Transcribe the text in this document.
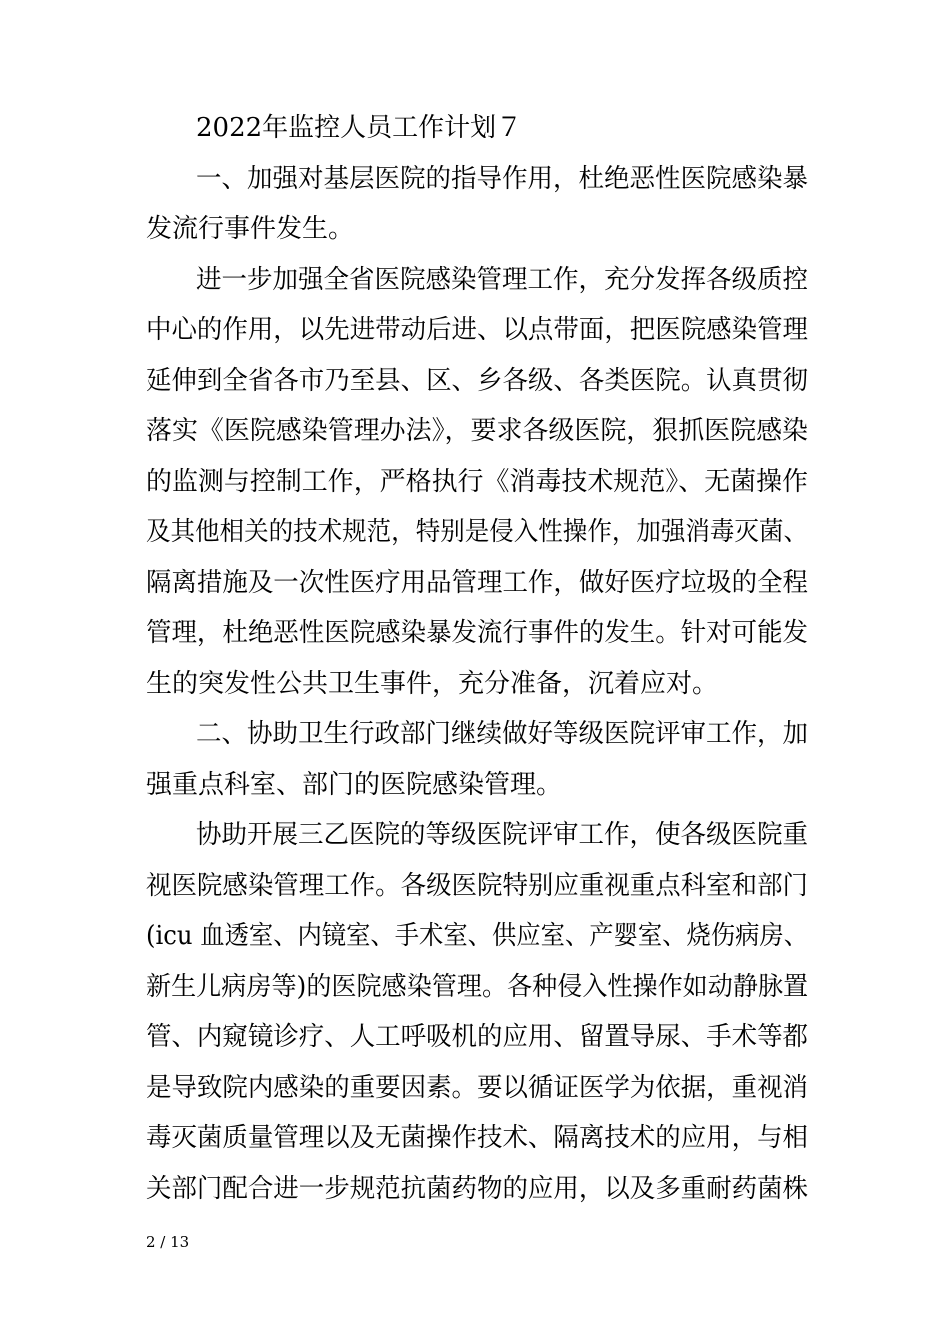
2022年监控人员工作计划７
一、加强对基层医院的指导作用，杜绝恶性医院感染暴
发流行事件发生。
进一步加强全省医院感染管理工作，充分发挥各级质控
中心的作用，以先进带动后进、以点带面，把医院感染管理
延伸到全省各市乃至县、区、乡各级、各类医院。认真贯彻
落实《医院感染管理办法》，要求各级医院，狠抓医院感染
的监测与控制工作，严格执行《消毒技术规范》、无菌操作
及其他相关的技术规范，特别是侵入性操作，加强消毒灭菌、
隔离措施及一次性医疗用品管理工作，做好医疗垃圾的全程
管理，杜绝恶性医院感染暴发流行事件的发生。针对可能发
生的突发性公共卫生事件，充分准备，沉着应对。
二、协助卫生行政部门继续做好等级医院评审工作，加
强重点科室、部门的医院感染管理。
协助开展三乙医院的等级医院评审工作，使各级医院重
视医院感染管理工作。各级医院特别应重视重点科室和部门
(icu 血透室、内镜室、手术室、供应室、产婴室、烧伤病房、
新生儿病房等)的医院感染管理。各种侵入性操作如动静脉置
管、内窥镜诊疗、人工呼吸机的应用、留置导尿、手术等都
是导致院内感染的重要因素。要以循证医学为依据，重视消
毒灭菌质量管理以及无菌操作技术、隔离技术的应用，与相
关部门配合进一步规范抗菌药物的应用，以及多重耐药菌株
2 / 13
